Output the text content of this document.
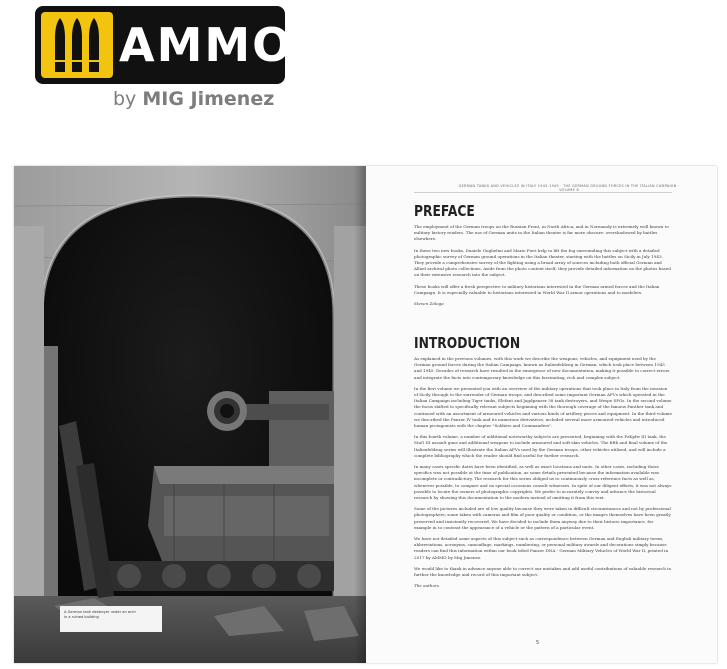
AMMO
by MIG Jimenez
A German tank destroyer under an arch
in a ruined building
GERMAN TANKS AND VEHICLES IN ITALY 1943-1945 · THE GERMAN GROUND FORCES IN THE ITALIAN CAMPAIGN · VOLUME 6
PREFACE

The employment of the German troops on the Russian Front, in North Africa, and in Normandy is extremely well known to military history readers. The use of German units in the Italian theater is far more obscure: overshadowed by battles elsewhere.

In these two new books, Daniele Guglielmi and Mario Pieri help to lift the fog surrounding this subject with a detailed photographic survey of German ground operations in the Italian theater, starting with the battles on Sicily in July 1943. They provide a comprehensive survey of the fighting using a broad array of sources including both official German and Allied archival photo collections. Aside from the photo content itself, they provide detailed information on the photos based on their extensive research into the subject.

These books will offer a fresh perspective to military historians interested in the German armed forces and the Italian Campaign. It is especially valuable to historians interested in World War II armor operations and to modelers.

Steven Zaloga

INTRODUCTION

As explained in the previous volumes, with this work we describe the weapons, vehicles, and equipment used by the German ground forces during the Italian Campaign, known as Italienfeldzug in German, which took place between 1943 and 1945. Decades of research have resulted in the emergence of new documentation, making it possible to correct errors and integrate the facts into contemporary knowledge on this fascinating, rich and complex subject.

In the first volume we presented you with an overview of the military operations that took place in Italy from the invasion of Sicily through to the surrender of German troops, and described some important German AFVs which operated in the Italian Campaign including Tiger tanks, Elefant and Jagdpanzer 38 tank destroyers, and Wespe SPGs. In the second volume the focus shifted to specifically relevant subjects beginning with the thorough coverage of the famous Panther tank and continued with an assortment of armoured vehicles and various kinds of artillery pieces and equipment. In the third volume we described the Panzer IV tank and its numerous derivatives, included several more armoured vehicles and introduced human protagonists with the chapter "Soldiers and Commanders".

In this fourth volume, a number of additional noteworthy subjects are presented, beginning with the PzKpfw III tank, the StuG III assault guns and additional weapons to include armoured and soft-skin vehicles. The fifth and final volume of the Italienfeldzug series will illustrate the Italian AFVs used by the German troops, other vehicles utilized, and will include a complete bibliography which the reader should find useful for further research.

In many cases specific dates have been identified, as well as exact locations and units. In other cases, including those specifics was not possible at the time of publication, as some details presented because the information available was incomplete or contradictory. The research for this series obliged us to continuously cross-reference facts as well as, whenever possible, to compare and on special occasions consult witnesses. In spite of our diligent efforts, it was not always possible to locate the owners of photographic copyrights. We prefer to accurately convey and advance the historical research by showing this documentation to the modern instead of omitting it from this text.

Some of the pictures included are of low quality because they were taken in difficult circumstances and not by professional photographers; some taken with cameras and film of poor quality or condition, or the images themselves have been greatly preserved and insistently recovered. We have decided to include them anyway due to their historic importance, for example in to contrast the appearance of a vehicle or the pattern of a particular event.

We have not detailed some aspects of this subject such as correspondence between German and English military terms, abbreviations, acronyms, camouflage, markings, numbering, or personal military awards and decorations simply because readers can find this information within our book titled Panzer DNA - German Military Vehicles of World War II, printed in 2017 by AMMO by Mig Jimenez.

We would like to thank in advance anyone able to correct our mistakes and add useful contributions of valuable research to further the knowledge and record of this important subject.

The authors

5
